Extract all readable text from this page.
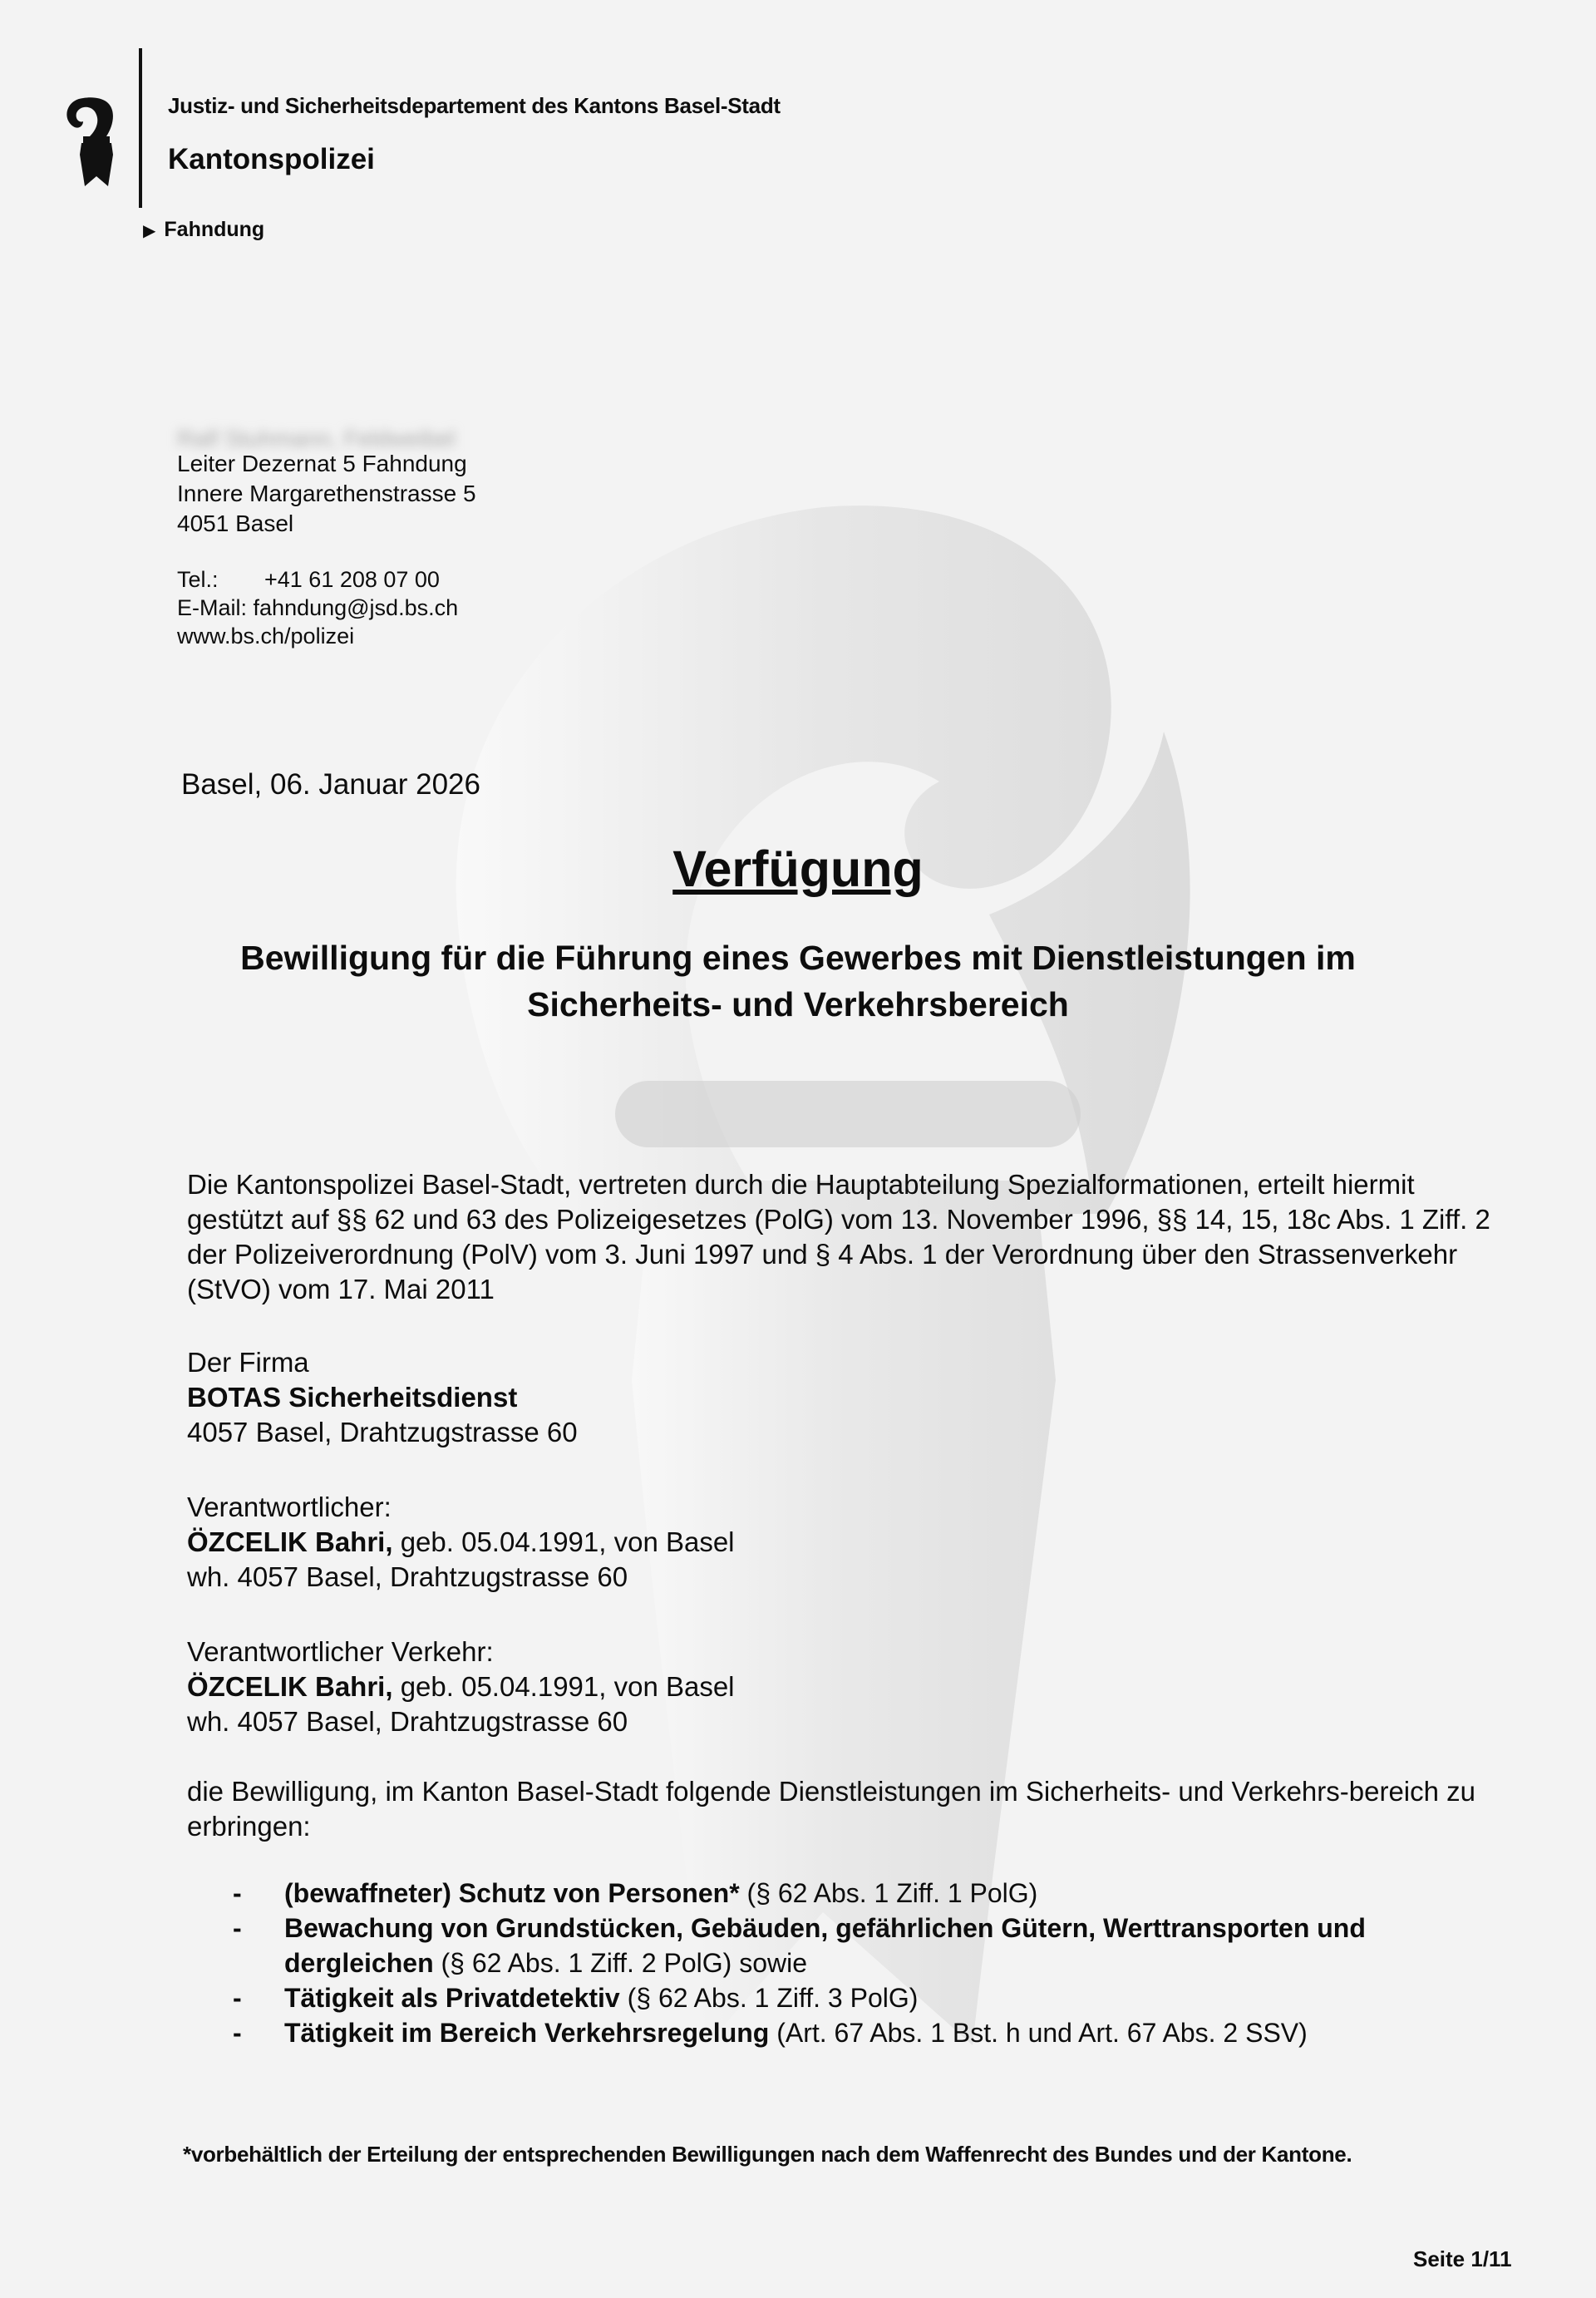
Justiz- und Sicherheitsdepartement des Kantons Basel-Stadt
Kantonspolizei
▶ Fahndung
Ralf Stuhmann, Feldweibel
Leiter Dezernat 5 Fahndung
Innere Margarethenstrasse 5
4051 Basel
Tel.: +41 61 208 07 00
E-Mail: fahndung@jsd.bs.ch
www.bs.ch/polizei
Basel, 06. Januar 2026
Verfügung
Bewilligung für die Führung eines Gewerbes mit Dienstleistungen im Sicherheits- und Verkehrsbereich
Die Kantonspolizei Basel-Stadt, vertreten durch die Hauptabteilung Spezialformationen, erteilt hiermit gestützt auf §§ 62 und 63 des Polizeigesetzes (PolG) vom 13. November 1996, §§ 14, 15, 18c Abs. 1 Ziff. 2 der Polizeiverordnung (PolV) vom 3. Juni 1997 und § 4 Abs. 1 der Verordnung über den Strassenverkehr (StVO) vom 17. Mai 2011
Der Firma
BOTAS Sicherheitsdienst
4057 Basel, Drahtzugstrasse 60
Verantwortlicher:
ÖZCELIK Bahri, geb. 05.04.1991, von Basel
wh. 4057 Basel, Drahtzugstrasse 60
Verantwortlicher Verkehr:
ÖZCELIK Bahri, geb. 05.04.1991, von Basel
wh. 4057 Basel, Drahtzugstrasse 60
die Bewilligung, im Kanton Basel-Stadt folgende Dienstleistungen im Sicherheits- und Verkehrs-bereich zu erbringen:
- (bewaffneter) Schutz von Personen* (§ 62 Abs. 1 Ziff. 1 PolG)
- Bewachung von Grundstücken, Gebäuden, gefährlichen Gütern, Werttransporten und dergleichen (§ 62 Abs. 1 Ziff. 2 PolG) sowie
- Tätigkeit als Privatdetektiv (§ 62 Abs. 1 Ziff. 3 PolG)
- Tätigkeit im Bereich Verkehrsregelung (Art. 67 Abs. 1 Bst. h und Art. 67 Abs. 2 SSV)
*vorbehältlich der Erteilung der entsprechenden Bewilligungen nach dem Waffenrecht des Bundes und der Kantone.
Seite 1/11
